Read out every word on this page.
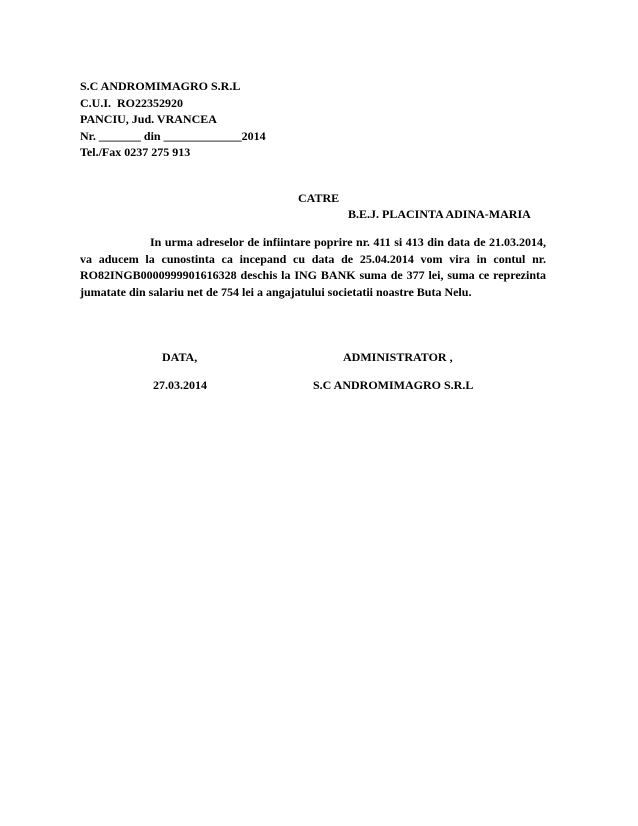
S.C ANDROMIMAGRO S.R.L
C.U.I.  RO22352920
PANCIU, Jud. VRANCEA
Nr. _______ din _____________2014
Tel./Fax 0237 275 913
CATRE
B.E.J. PLACINTA ADINA-MARIA
In urma adreselor de infiintare poprire nr. 411 si 413 din data de 21.03.2014, va aducem la cunostinta ca incepand cu data de 25.04.2014 vom vira in contul nr. RO82INGB0000999901616328 deschis la ING BANK suma de 377 lei, suma ce reprezinta jumatate din salariu net de 754 lei a angajatului societatii noastre Buta Nelu.
DATA,	ADMINISTRATOR ,
27.03.2014	S.C ANDROMIMAGRO S.R.L
